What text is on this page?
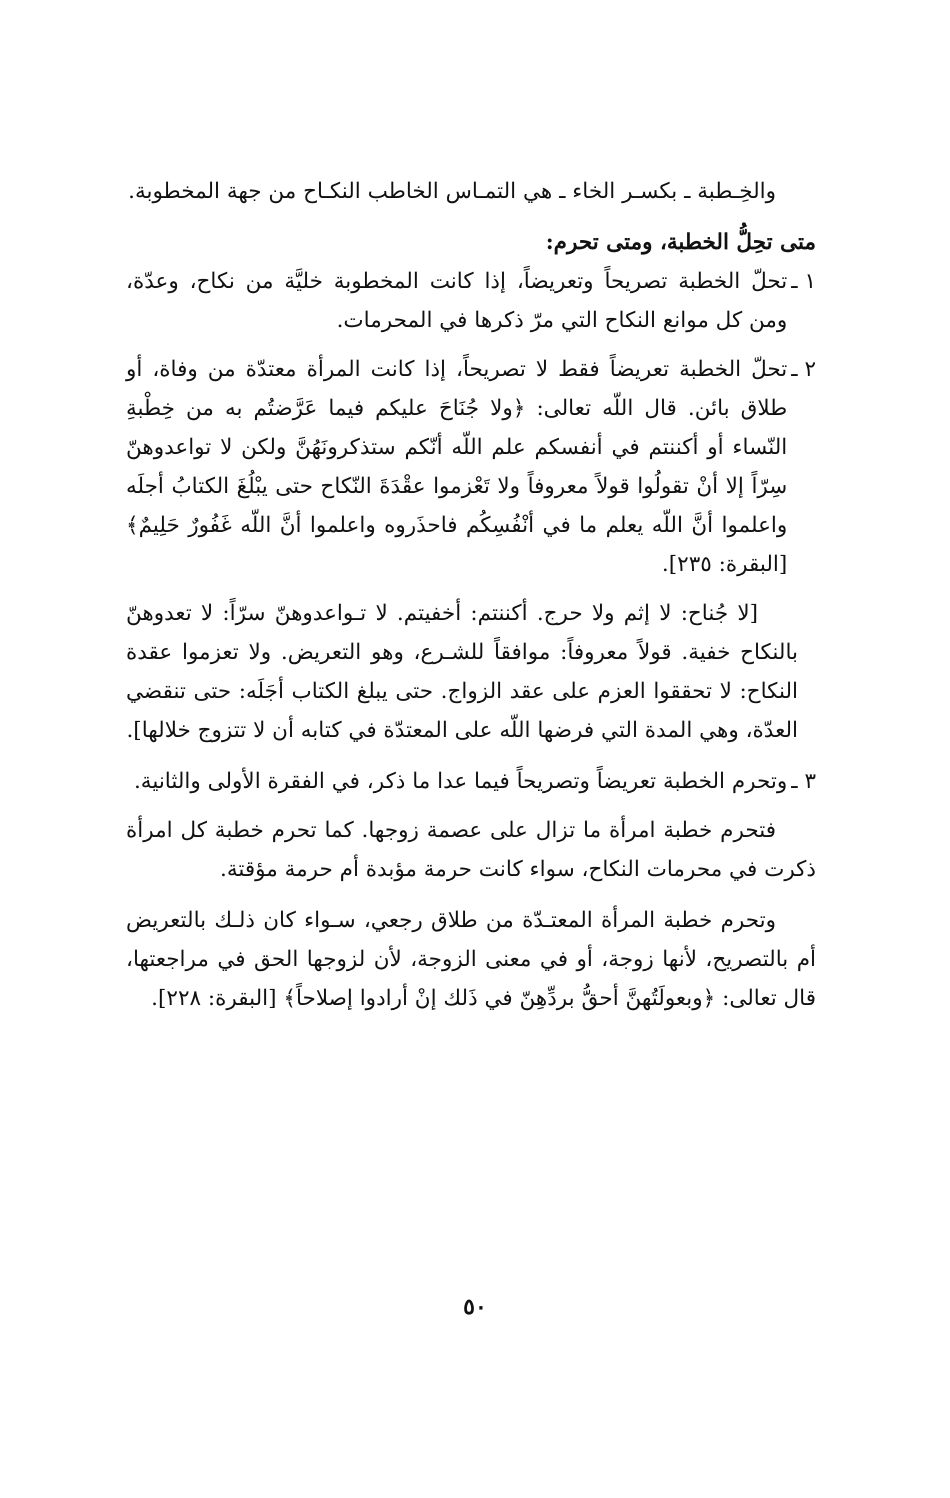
والخِـطبة ـ بكسـر الخاء ـ هي التمـاس الخاطب النكـاح من جهة المخطوبة.

متى تحِلُّ الخطبة، ومتى تحرم:

١ ـ
تحلّ الخطبة تصريحاً وتعريضاً، إذا كانت المخطوبة خليَّة من نكاح، وعدّة، ومن كل موانع النكاح التي مرّ ذكرها في المحرمات.
٢ ـ
تحلّ الخطبة تعريضاً فقط لا تصريحاً، إذا كانت المرأة معتدّة من وفاة، أو طلاق بائن. قال اللّه تعالى: ﴿ولا جُنَاحَ عليكم فيما عَرَّضتُم به من خِطْبةِ النّساء أو أكننتم في أنفسكم علم اللّه أنّكم ستذكرونَهُنَّ ولكن لا تواعدوهنّ سِرّاً إلا أنْ تقولُوا قولاً معروفاً ولا تَعْزموا عقْدَةَ النّكاح حتى يبْلُغَ الكتابُ أجلَه واعلموا أنَّ اللّه يعلم ما في أنْفُسِكُم فاحذَروه واعلموا أنَّ اللّه غَفُورٌ حَلِيمٌ﴾ [البقرة: ٢٣٥].

[لا جُناح: لا إثم ولا حرج. أكننتم: أخفيتم. لا تـواعدوهنّ سرّاً: لا تعدوهنّ بالنكاح خفية. قولاً معروفاً: موافقاً للشـرع، وهو التعريض. ولا تعزموا عقدة النكاح: لا تحققوا العزم على عقد الزواج. حتى يبلغ الكتاب أجَلَه: حتى تنقضي العدّة، وهي المدة التي فرضها اللّه على المعتدّة في كتابه أن لا تتزوج خلالها].

٣ ـ
وتحرم الخطبة تعريضاً وتصريحاً فيما عدا ما ذكر، في الفقرة الأولى والثانية.

فتحرم خطبة امرأة ما تزال على عصمة زوجها. كما تحرم خطبة كل امرأة ذكرت في محرمات النكاح، سواء كانت حرمة مؤبدة أم حرمة مؤقتة.

وتحرم خطبة المرأة المعتـدّة من طلاق رجعي، سـواء كان ذلـك بالتعريض أم بالتصريح، لأنها زوجة، أو في معنى الزوجة، لأن لزوجها الحق في مراجعتها، قال تعالى: ﴿وبعولَتُهنَّ أحقُّ بردِّهِنّ في ذَلك إنْ أرادوا إصلاحاً﴾ [البقرة: ٢٢٨].

٥٠
